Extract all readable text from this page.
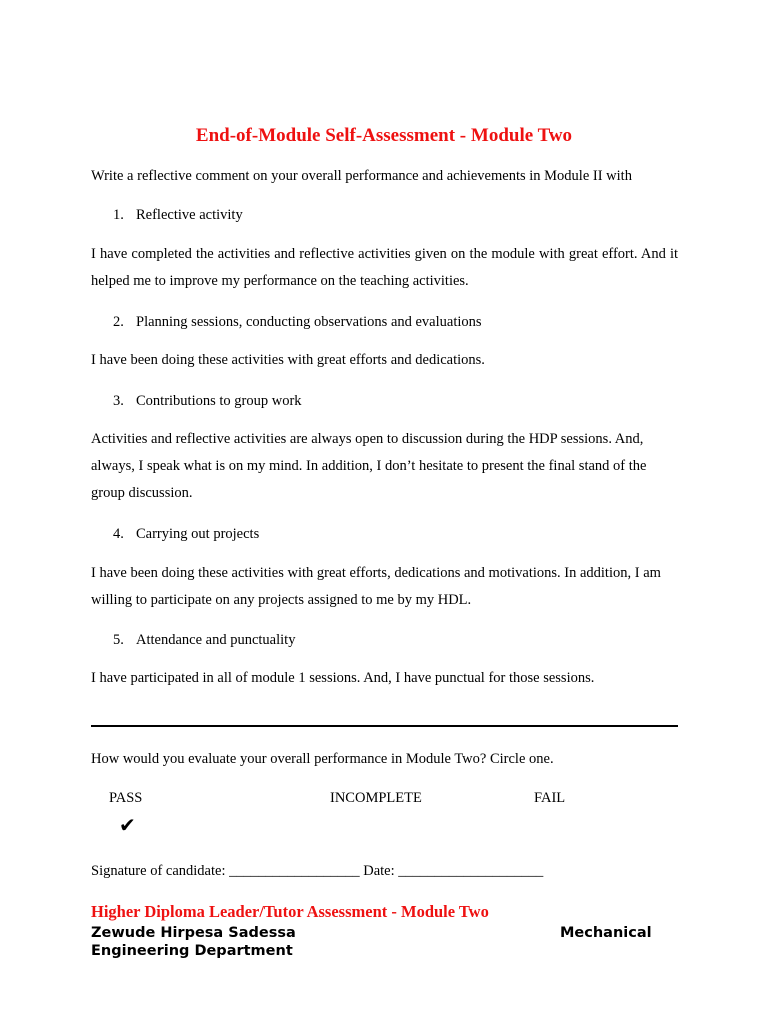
End-of-Module Self-Assessment - Module Two
Write a reflective comment on your overall performance and achievements in Module II with
1. Reflective activity
I have completed the activities and reflective activities given on the module with great effort. And it helped me to improve my performance on the teaching activities.
2. Planning sessions, conducting observations and evaluations
I have been doing these activities with great efforts and dedications.
3. Contributions to group work
Activities and reflective activities are always open to discussion during the HDP sessions. And, always, I speak what is on my mind. In addition, I don’t hesitate to present the final stand of the group discussion.
4. Carrying out projects
I have been doing these activities with great efforts, dedications and motivations. In addition, I am willing to participate on any projects assigned to me by my HDL.
5. Attendance and punctuality
I have participated in all of module 1 sessions. And, I have punctual for those sessions.
How would you evaluate your overall performance in Module Two? Circle one.
PASS	INCOMPLETE	FAIL
✔
Signature of candidate: __________________ Date: ____________________
Higher Diploma Leader/Tutor Assessment - Module Two
Zewude Hirpesa Sadessa	Mechanical
Engineering Department
